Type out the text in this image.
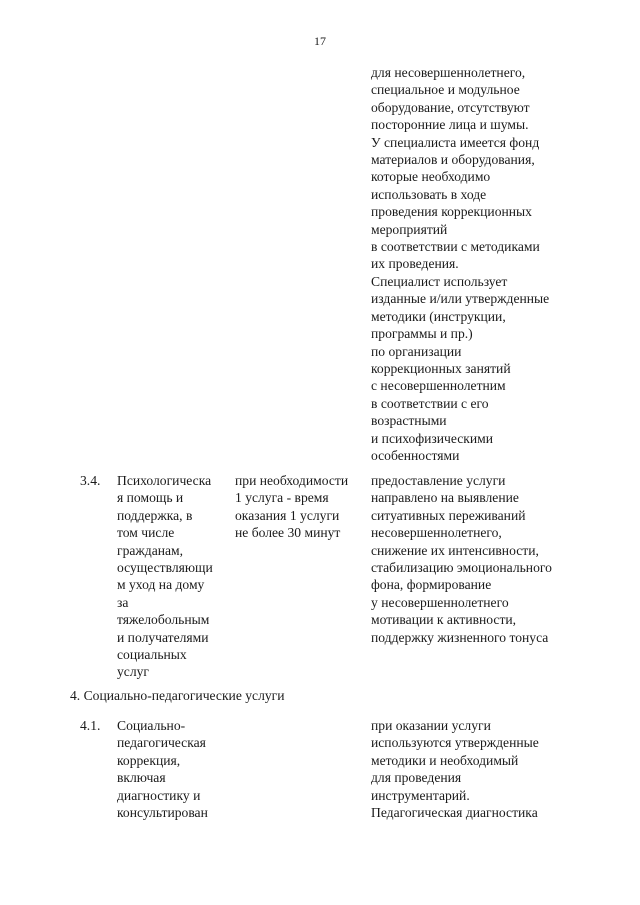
17
для несовершеннолетнего,
специальное и модульное
оборудование, отсутствуют
посторонние лица и шумы.
У специалиста имеется фонд
материалов и оборудования,
которые необходимо
использовать в ходе
проведения коррекционных
мероприятий
в соответствии с методиками
их проведения.
Специалист использует
изданные и/или утвержденные
методики (инструкции,
программы и пр.)
по организации
коррекционных занятий
с несовершеннолетним
в соответствии с его
возрастными
и психофизическими
особенностями
3.4. Психологическа
я помощь и
поддержка, в
том числе
гражданам,
осуществляющи
м уход на дому
за
тяжелобольным
и получателями
социальных
услуг
при необходимости
1 услуга - время
оказания 1 услуги
не более 30 минут
предоставление услуги
направлено на выявление
ситуативных переживаний
несовершеннолетнего,
снижение их интенсивности,
стабилизацию эмоционального
фона, формирование
у несовершеннолетнего
мотивации к активности,
поддержку жизненного тонуса
4. Социально-педагогические услуги
4.1. Социально-
педагогическая
коррекция,
включая
диагностику и
консультирован
при оказании услуги
используются утвержденные
методики и необходимый
для проведения
инструментарий.
Педагогическая диагностика
